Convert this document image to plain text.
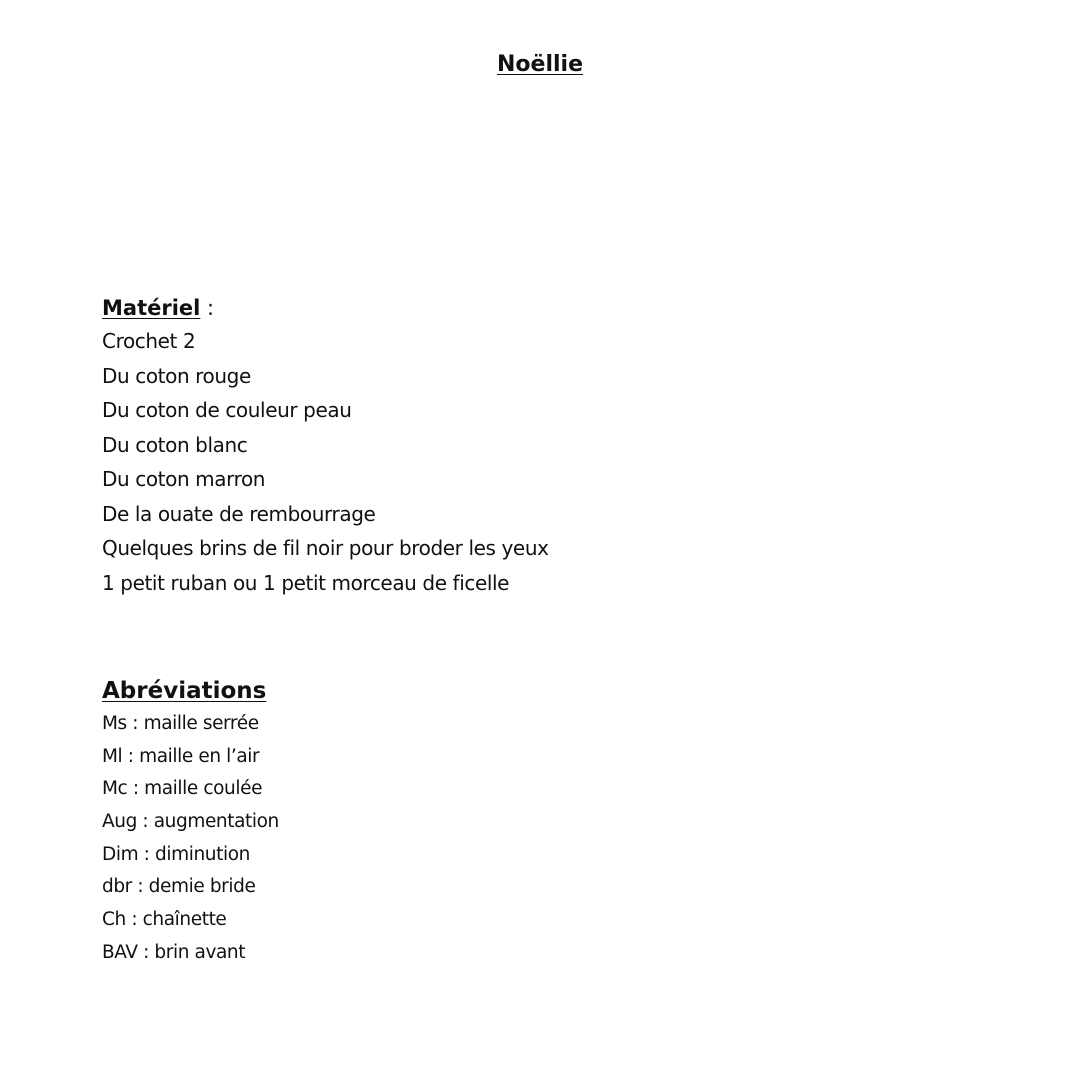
Noëllie
Matériel :
Crochet 2
Du coton rouge
Du coton de couleur peau
Du coton blanc
Du coton marron
De la ouate de rembourrage
Quelques brins de fil noir pour broder les yeux
1 petit ruban ou 1 petit morceau de ficelle
Abréviations
Ms : maille serrée
Ml : maille en l’air
Mc : maille coulée
Aug : augmentation
Dim : diminution
dbr : demie bride
Ch : chaînette
BAV : brin avant
